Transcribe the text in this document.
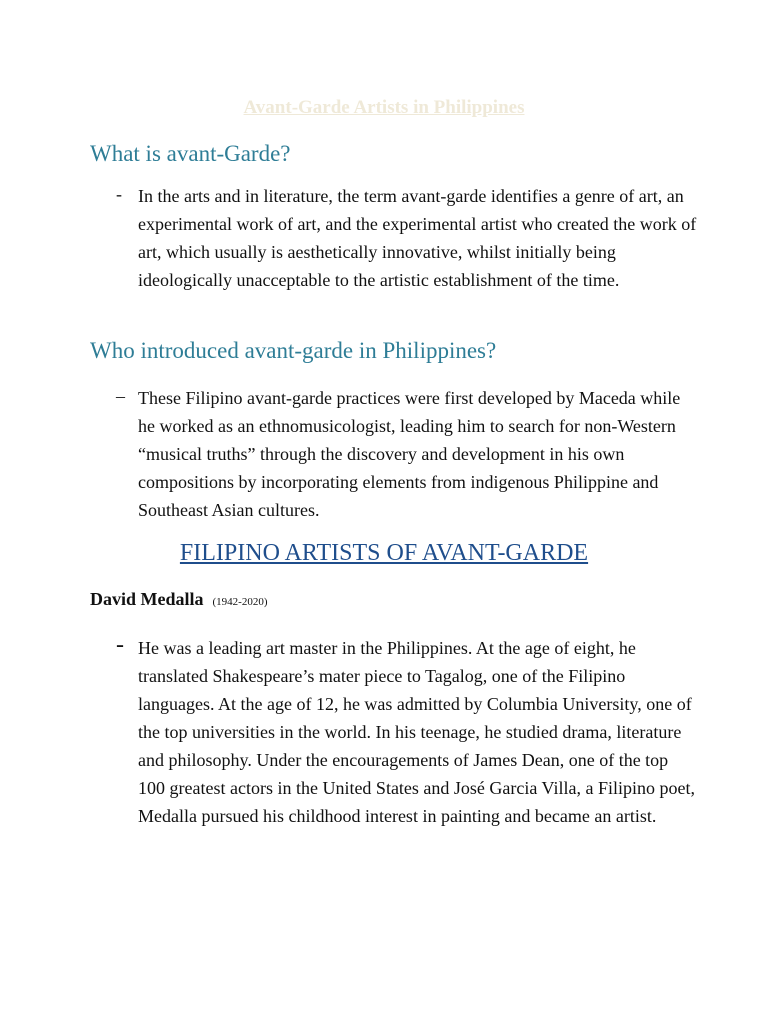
Avant-Garde Artists in Philippines
What is avant-Garde?
- In the arts and in literature, the term avant-garde identifies a genre of art, an experimental work of art, and the experimental artist who created the work of art, which usually is aesthetically innovative, whilst initially being ideologically unacceptable to the artistic establishment of the time.

Who introduced avant-garde in Philippines?
– These Filipino avant-garde practices were first developed by Maceda while he worked as an ethnomusicologist, leading him to search for non-Western “musical truths” through the discovery and development in his own compositions by incorporating elements from indigenous Philippine and Southeast Asian cultures.

FILIPINO ARTISTS OF AVANT-GARDE

David Medalla (1942-2020)

- He was a leading art master in the Philippines. At the age of eight, he translated Shakespeare’s mater piece to Tagalog, one of the Filipino languages. At the age of 12, he was admitted by Columbia University, one of the top universities in the world. In his teenage, he studied drama, literature and philosophy. Under the encouragements of James Dean, one of the top 100 greatest actors in the United States and José Garcia Villa, a Filipino poet, Medalla pursued his childhood interest in painting and became an artist.
